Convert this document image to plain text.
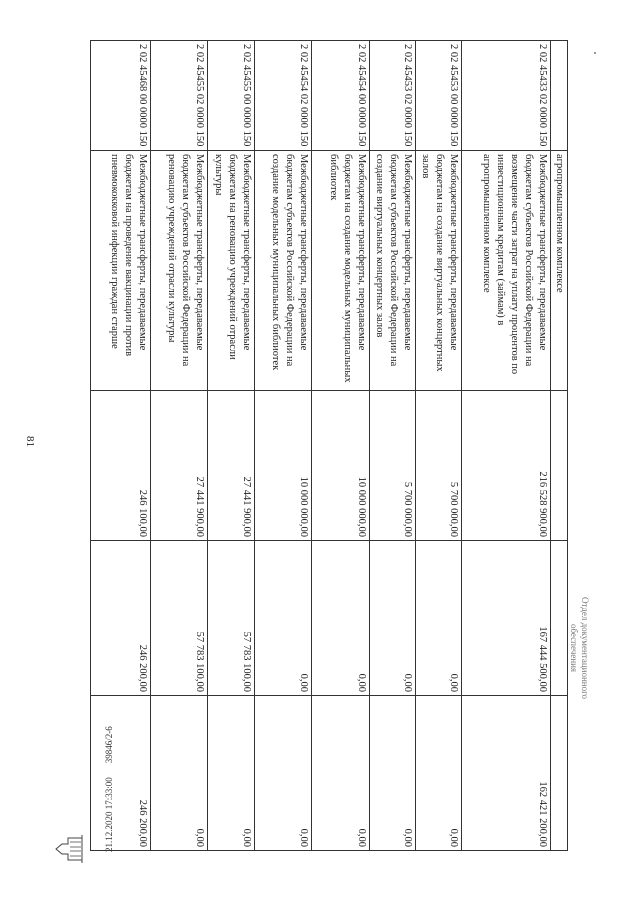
81
	агропромышленном комплексе			
2 02 45433 02 0000 150	Межбюджетные трансферты, передаваемые бюджетам субъектов Российской Федерации на возмещение части затрат на уплату процентов по инвестиционным кредитам (займам) в агропромышленном комплексе	216 528 900,00	167 444 500,00	162 421 200,00
2 02 45453 00 0000 150	Межбюджетные трансферты, передаваемые бюджетам на создание виртуальных концертных залов	5 700 000,00	0,00	0,00
2 02 45453 02 0000 150	Межбюджетные трансферты, передаваемые бюджетам субъектов Российской Федерации на создание виртуальных концертных залов	5 700 000,00	0,00	0,00
2 02 45454 00 0000 150	Межбюджетные трансферты, передаваемые бюджетам на создание модельных муниципальных библиотек	10 000 000,00	0,00	0,00
2 02 45454 02 0000 150	Межбюджетные трансферты, передаваемые бюджетам субъектов Российской Федерации на создание модельных муниципальных библиотек	10 000 000,00	0,00	0,00
2 02 45455 00 0000 150	Межбюджетные трансферты, передаваемые бюджетам на реновацию учреждений отрасли культуры	27 441 900,00	57 783 100,00	0,00
2 02 45455 02 0000 150	Межбюджетные трансферты, передаваемые бюджетам субъектов Российской Федерации на реновацию учреждений отрасли культуры	27 441 900,00	57 783 100,00	0,00
2 02 45468 00 0000 150	Межбюджетные трансферты, передаваемые бюджетам на проведение вакцинации против пневмококковой инфекции граждан старше	246 100,00	246 200,00	246 200,00
21.12.2020 17:33:0039846/2-6
Отдел документационного обеспечения
